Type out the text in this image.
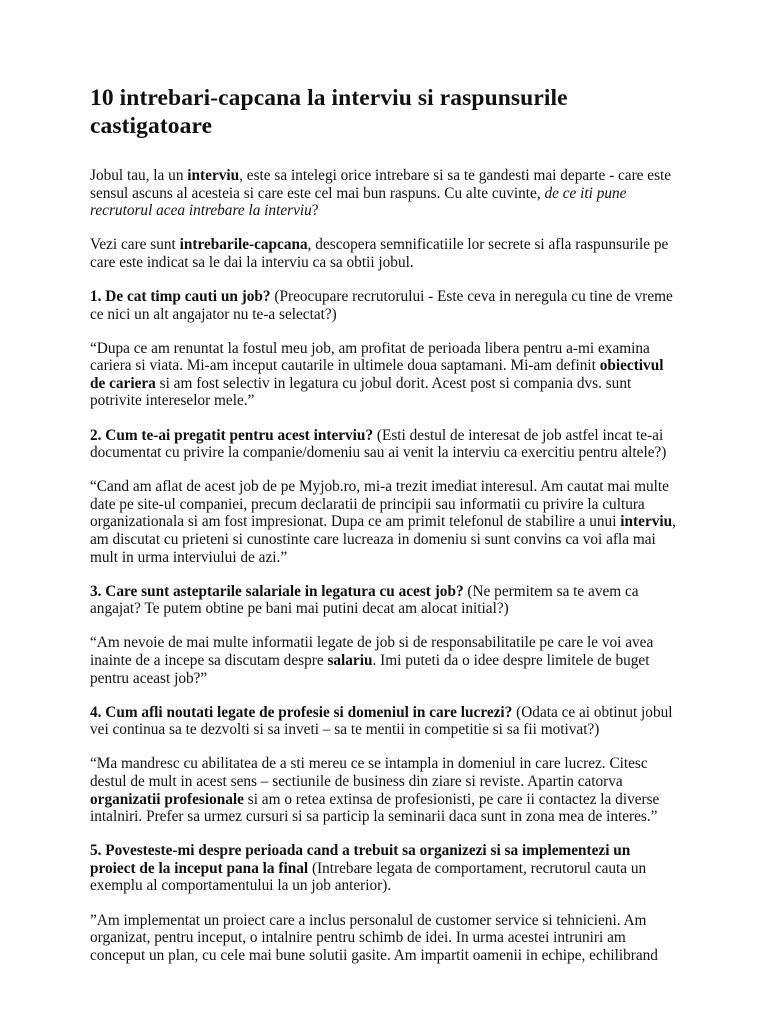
10 intrebari-capcana la interviu si raspunsurile castigatoare

Jobul tau, la un interviu, este sa intelegi orice intrebare si sa te gandesti mai departe - care este sensul ascuns al acesteia si care este cel mai bun raspuns. Cu alte cuvinte, de ce iti pune recrutorul acea intrebare la interviu?

Vezi care sunt intrebarile-capcana, descopera semnificatiile lor secrete si afla raspunsurile pe care este indicat sa le dai la interviu ca sa obtii jobul.

1. De cat timp cauti un job? (Preocupare recrutorului - Este ceva in neregula cu tine de vreme ce nici un alt angajator nu te-a selectat?)

“Dupa ce am renuntat la fostul meu job, am profitat de perioada libera pentru a-mi examina cariera si viata. Mi-am inceput cautarile in ultimele doua saptamani. Mi-am definit obiectivul de cariera si am fost selectiv in legatura cu jobul dorit. Acest post si compania dvs. sunt potrivite intereselor mele.”

2. Cum te-ai pregatit pentru acest interviu? (Esti destul de interesat de job astfel incat te-ai documentat cu privire la companie/domeniu sau ai venit la interviu ca exercitiu pentru altele?)

“Cand am aflat de acest job de pe Myjob.ro, mi-a trezit imediat interesul. Am cautat mai multe date pe site-ul companiei, precum declaratii de principii sau informatii cu privire la cultura organizationala si am fost impresionat. Dupa ce am primit telefonul de stabilire a unui interviu, am discutat cu prieteni si cunostinte care lucreaza in domeniu si sunt convins ca voi afla mai mult in urma interviului de azi.”

3. Care sunt asteptarile salariale in legatura cu acest job? (Ne permitem sa te avem ca angajat? Te putem obtine pe bani mai putini decat am alocat initial?)

“Am nevoie de mai multe informatii legate de job si de responsabilitatile pe care le voi avea inainte de a incepe sa discutam despre salariu. Imi puteti da o idee despre limitele de buget pentru aceast job?”

4. Cum afli noutati legate de profesie si domeniul in care lucrezi? (Odata ce ai obtinut jobul vei continua sa te dezvolti si sa inveti – sa te mentii in competitie si sa fii motivat?)

“Ma mandresc cu abilitatea de a sti mereu ce se intampla in domeniul in care lucrez. Citesc destul de mult in acest sens – sectiunile de business din ziare si reviste. Apartin catorva organizatii profesionale si am o retea extinsa de profesionisti, pe care ii contactez la diverse intalniri. Prefer sa urmez cursuri si sa particip la seminarii daca sunt in zona mea de interes.”

5. Povesteste-mi despre perioada cand a trebuit sa organizezi si sa implementezi un proiect de la inceput pana la final (Intrebare legata de comportament, recrutorul cauta un exemplu al comportamentului la un job anterior).

”Am implementat un proiect care a inclus personalul de customer service si tehnicieni. Am organizat, pentru inceput, o intalnire pentru schimb de idei. In urma acestei intruniri am conceput un plan, cu cele mai bune solutii gasite. Am impartit oamenii in echipe, echilibrand
